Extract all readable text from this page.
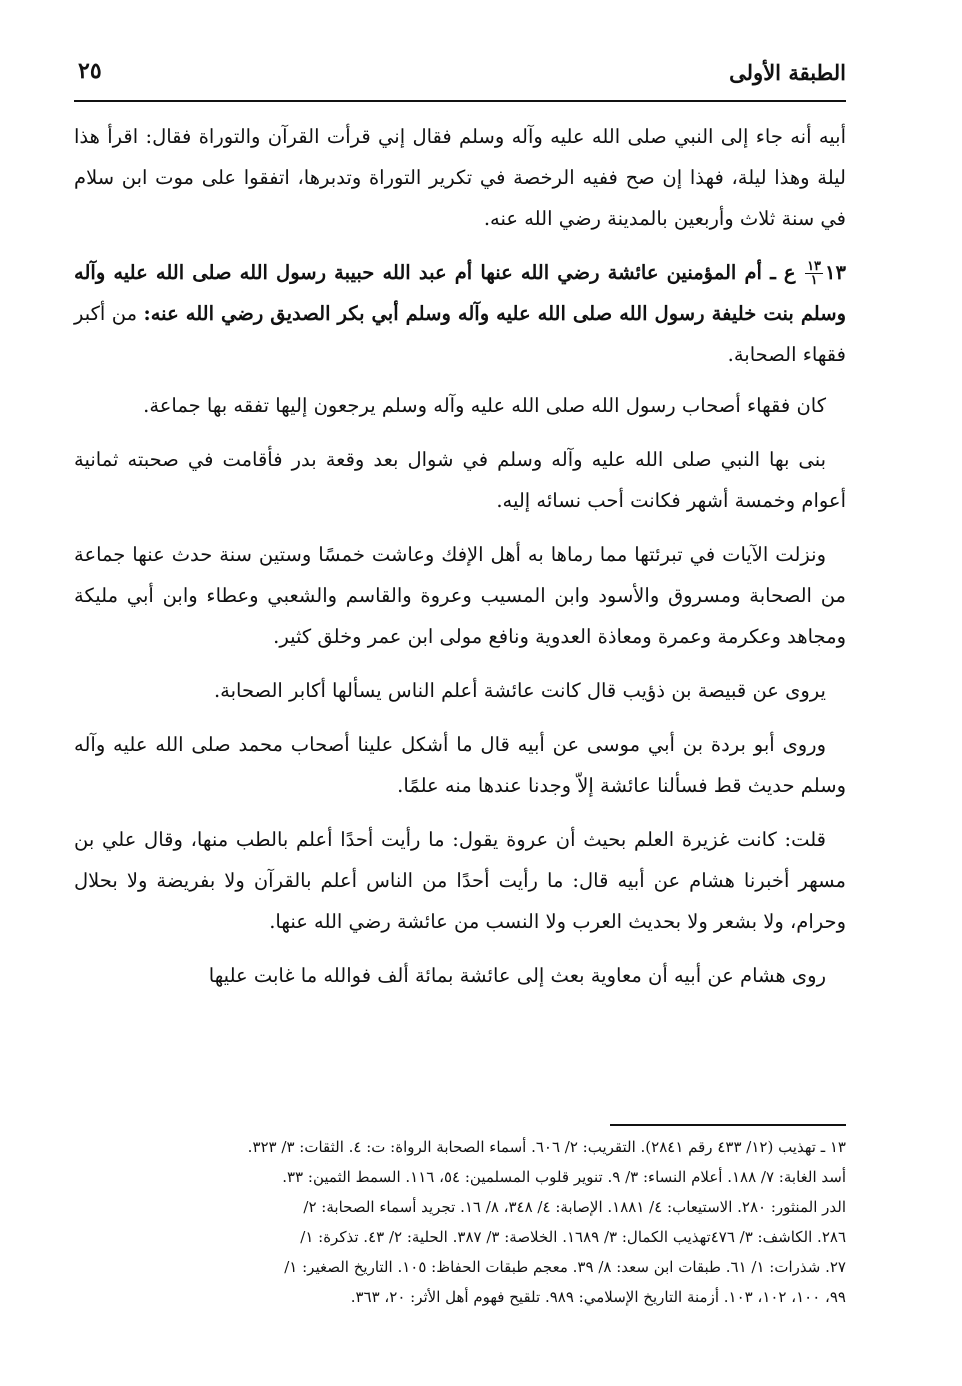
الطبقة الأولى
٢٥

أبيه أنه جاء إلى النبي صلى الله عليه وآله وسلم فقال إني قرأت القرآن والتوراة فقال: اقرأ هذا ليلة وهذا ليلة، فهذا إن صح ففيه الرخصة في تكرير التوراة وتدبرها، اتفقوا على موت ابن سلام في سنة ثلاث وأربعين بالمدينة رضي الله عنه.

١٣
$\frac{١٣}{١}$
ع ـ أم المؤمنين عائشة رضي الله عنها أم عبد الله حبيبة رسول الله صلى الله عليه وآله وسلم بنت خليفة رسول الله صلى الله عليه وآله وسلم أبي بكر الصديق رضي الله عنه: من أكبر فقهاء الصحابة.

كان فقهاء أصحاب رسول الله صلى الله عليه وآله وسلم يرجعون إليها تفقه بها جماعة.

بنى بها النبي صلى الله عليه وآله وسلم في شوال بعد وقعة بدر فأقامت في صحبته ثمانية أعوام وخمسة أشهر فكانت أحب نسائه إليه.

ونزلت الآيات في تبرئتها مما رماها به أهل الإفك وعاشت خمسًا وستين سنة حدث عنها جماعة من الصحابة ومسروق والأسود وابن المسيب وعروة والقاسم والشعبي وعطاء وابن أبي مليكة ومجاهد وعكرمة وعمرة ومعاذة العدوية ونافع مولى ابن عمر وخلق كثير.

يروى عن قبيصة بن ذؤيب قال كانت عائشة أعلم الناس يسألها أكابر الصحابة.

وروى أبو بردة بن أبي موسى عن أبيه قال ما أشكل علينا أصحاب محمد صلى الله عليه وآله وسلم حديث قط فسألنا عائشة إلاّ وجدنا عندها منه علمًا.

قلت: كانت غزيرة العلم بحيث أن عروة يقول: ما رأيت أحدًا أعلم بالطب منها، وقال علي بن مسهر أخبرنا هشام عن أبيه قال: ما رأيت أحدًا من الناس أعلم بالقرآن ولا بفريضة ولا بحلال وحرام، ولا بشعر ولا بحديث العرب ولا النسب من عائشة رضي الله عنها.

روى هشام عن أبيه أن معاوية بعث إلى عائشة بمائة ألف فوالله ما غابت عليها

١٣ ـ تهذيب (١٢/ ٤٣٣ رقم ٢٨٤١). التقريب: ٢/ ٦٠٦. أسماء الصحابة الرواة: ت: ٤. الثقات: ٣/ ٣٢٣.

أسد الغابة: ٧/ ١٨٨. أعلام النساء: ٣/ ٩. تنوير قلوب المسلمين: ٥٤، ١١٦. السمط الثمين: ٣٣.

الدر المنثور: ٢٨٠. الاستيعاب: ٤/ ١٨٨١. الإصابة: ٤/ ٣٤٨، ٨/ ١٦. تجريد أسماء الصحابة: ٢/

٢٨٦. الكاشف: ٣/ ٤٧٦تهذيب الكمال: ٣/ ١٦٨٩. الخلاصة: ٣/ ٣٨٧. الحلية: ٢/ ٤٣. تذكرة: ١/

٢٧. شذرات: ١/ ٦١. طبقات ابن سعد: ٨/ ٣٩. معجم طبقات الحفاظ: ١٠٥. التاريخ الصغير: ١/

٩٩، ١٠٠، ١٠٢، ١٠٣. أزمنة التاريخ الإسلامي: ٩٨٩. تلقيح فهوم أهل الأثر: ٢٠، ٣٦٣.
